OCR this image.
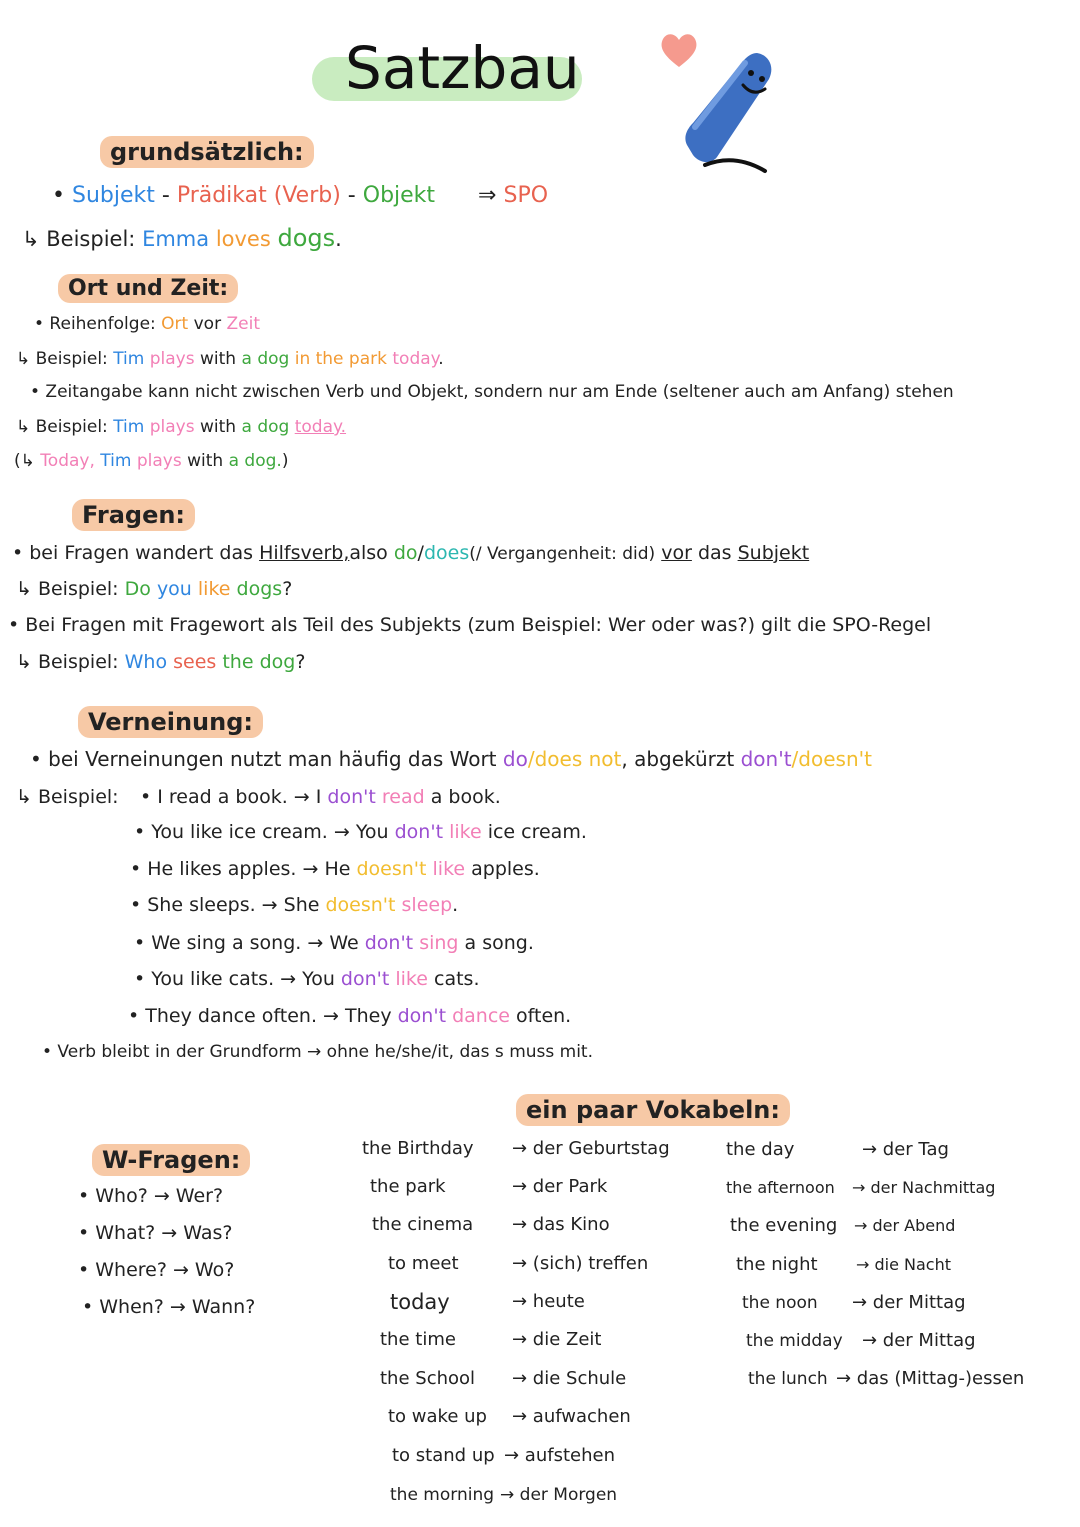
Satzbau
grundsätzlich:
• Subjekt - Prädikat (Verb) - Objekt ⇒ SPO
↳ Beispiel: Emma loves dogs.
Ort und Zeit:
• Reihenfolge: Ort vor Zeit
↳ Beispiel: Tim plays with a dog in the park today.
• Zeitangabe kann nicht zwischen Verb und Objekt, sondern nur am Ende (seltener auch am Anfang) stehen
↳ Beispiel: Tim plays with a dog today.
(↳ Today, Tim plays with a dog.)
Fragen:
• bei Fragen wandert das Hilfsverb,also do/does(/ Vergangenheit: did) vor das Subjekt
↳ Beispiel: Do you like dogs?
• Bei Fragen mit Fragewort als Teil des Subjekts (zum Beispiel: Wer oder was?) gilt die SPO-Regel
↳ Beispiel: Who sees the dog?
Verneinung:
• bei Verneinungen nutzt man häufig das Wort do/does not, abgekürzt don't/doesn't
↳ Beispiel: • I read a book. → I don't read a book.
• You like ice cream. → You don't like ice cream.
• He likes apples. → He doesn't like apples.
• She sleeps. → She doesn't sleep.
• We sing a song. → We don't sing a song.
• You like cats. → You don't like cats.
• They dance often. → They don't dance often.
• Verb bleibt in der Grundform → ohne he/she/it, das s muss mit.
W-Fragen:
• Who? → Wer?
• What? → Was?
• Where? → Wo?
• When? → Wann?
ein paar Vokabeln:
the Birthday → der Geburtstag
the park	→ der Park
the cinema → das Kino
to meet	→ (sich) treffen
today	→ heute
the time	→ die Zeit
the School → die Schule
to wake up → aufwachen
to stand up → aufstehen
the morning → der Morgen
the day	→ der Tag
the afternoon → der Nachmittag
the evening → der Abend
the night → die Nacht
the noon → der Mittag
the midday → der Mittag
the lunch → das (Mittag-)essen
